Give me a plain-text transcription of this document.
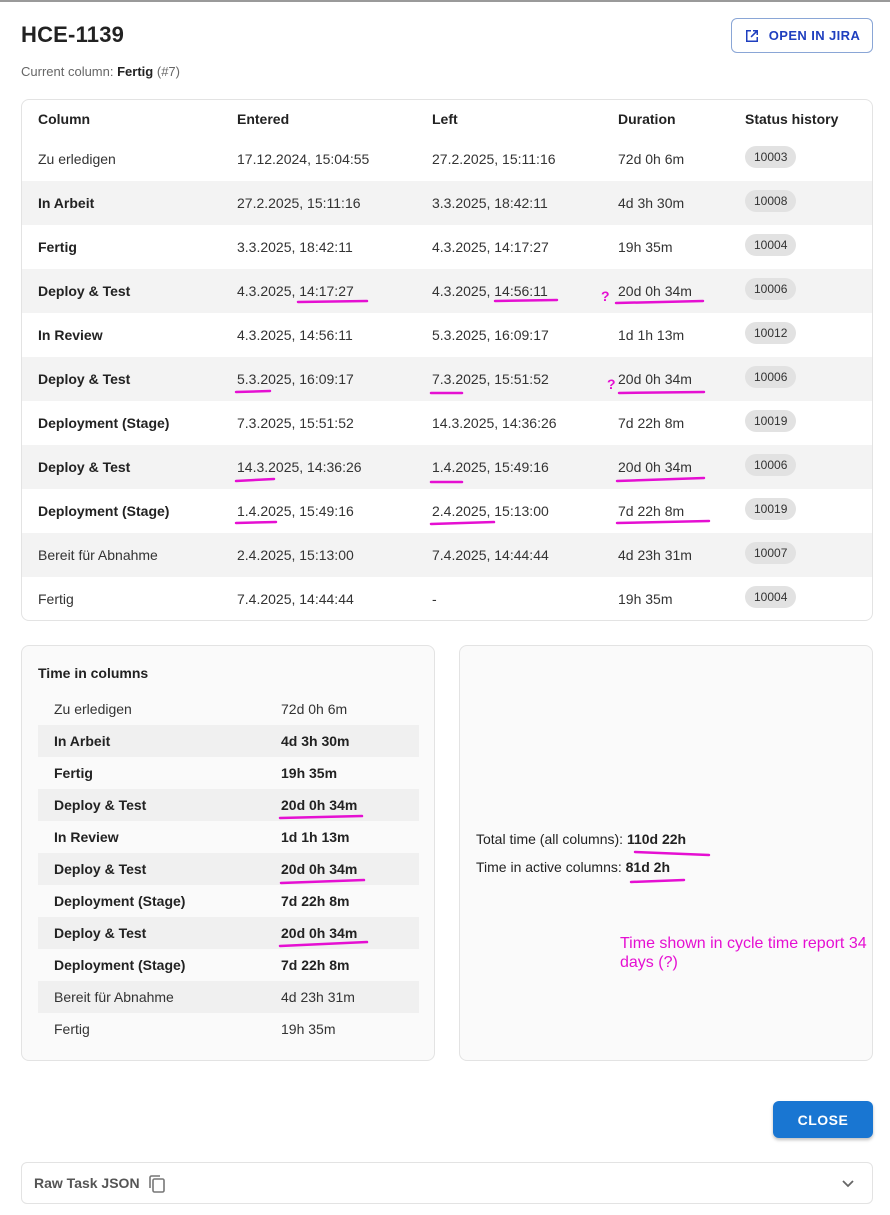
HCE-1139
Current column: Fertig (#7)
OPEN IN JIRA
Column	Entered	Left	Duration	Status history
Zu erledigen	17.12.2024, 15:04:55	27.2.2025, 15:11:16	72d 0h 6m	10003
In Arbeit	27.2.2025, 15:11:16	3.3.2025, 18:42:11	4d 3h 30m	10008
Fertig	3.3.2025, 18:42:11	4.3.2025, 14:17:27	19h 35m	10004
Deploy & Test	4.3.2025, 14:17:27	4.3.2025, 14:56:11	20d 0h 34m	10006
In Review	4.3.2025, 14:56:11	5.3.2025, 16:09:17	1d 1h 13m	10012
Deploy & Test	5.3.2025, 16:09:17	7.3.2025, 15:51:52	20d 0h 34m	10006
Deployment (Stage)	7.3.2025, 15:51:52	14.3.2025, 14:36:26	7d 22h 8m	10019
Deploy & Test	14.3.2025, 14:36:26	1.4.2025, 15:49:16	20d 0h 34m	10006
Deployment (Stage)	1.4.2025, 15:49:16	2.4.2025, 15:13:00	7d 22h 8m	10019
Bereit für Abnahme	2.4.2025, 15:13:00	7.4.2025, 14:44:44	4d 23h 31m	10007
Fertig	7.4.2025, 14:44:44	-	19h 35m	10004
Time in columns
Zu erledigen	72d 0h 6m
In Arbeit	4d 3h 30m
Fertig	19h 35m
Deploy & Test	20d 0h 34m
In Review	1d 1h 13m
Deploy & Test	20d 0h 34m
Deployment (Stage)	7d 22h 8m
Deploy & Test	20d 0h 34m
Deployment (Stage)	7d 22h 8m
Bereit für Abnahme	4d 23h 31m
Fertig	19h 35m
Total time (all columns): 110d 22h
Time in active columns: 81d 2h
Time shown in cycle time report 34 days (?)
CLOSE
Raw Task JSON
?
?
